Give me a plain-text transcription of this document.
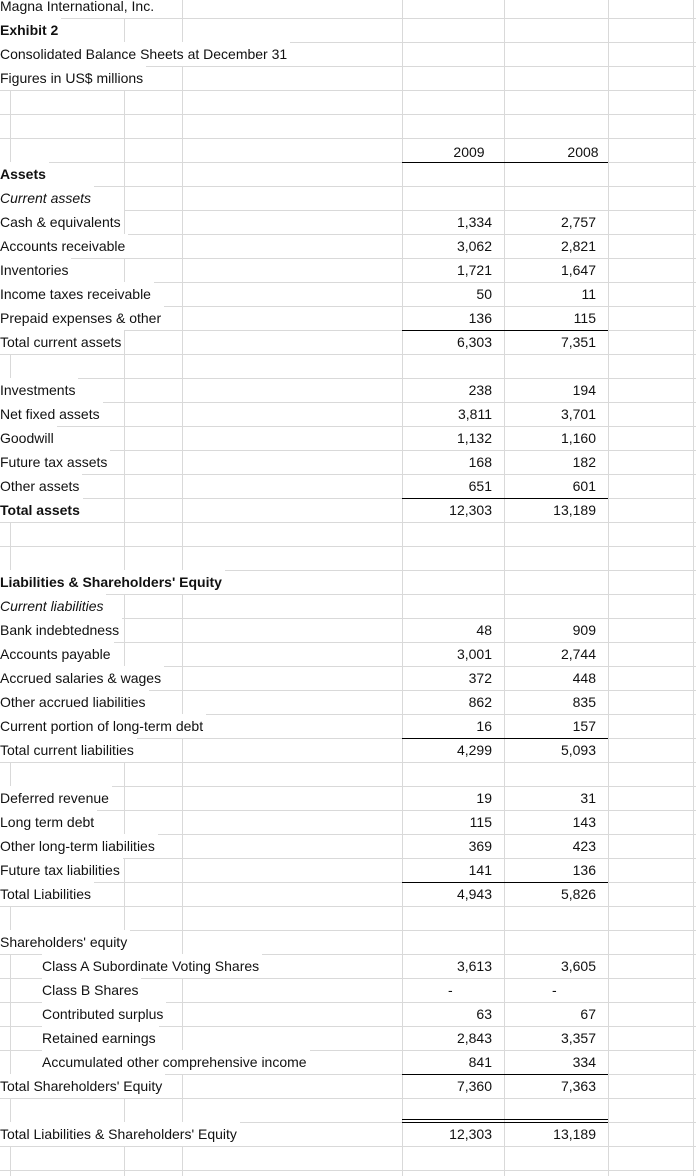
Magna International, Inc.
Exhibit 2
Consolidated Balance Sheets at December 31
Figures in US$ millions
2009	2008
Assets
Current assets
Cash & equivalents	1,334	2,757
Accounts receivable	3,062	2,821
Inventories	1,721	1,647
Income taxes receivable	50	11
Prepaid expenses & other	136	115
Total current assets	6,303	7,351
Investments	238	194
Net fixed assets	3,811	3,701
Goodwill	1,132	1,160
Future tax assets	168	182
Other assets	651	601
Total assets	12,303	13,189
Liabilities & Shareholders' Equity
Current liabilities
Bank indebtedness	48	909
Accounts payable	3,001	2,744
Accrued salaries & wages	372	448
Other accrued liabilities	862	835
Current portion of long-term debt	16	157
Total current liabilities	4,299	5,093
Deferred revenue	19	31
Long term debt	115	143
Other long-term liabilities	369	423
Future tax liabilities	141	136
Total Liabilities	4,943	5,826
Shareholders' equity
Class A Subordinate Voting Shares	3,613	3,605
Class B Shares	-	-
Contributed surplus	63	67
Retained earnings	2,843	3,357
Accumulated other comprehensive income	841	334
Total Shareholders' Equity	7,360	7,363
Total Liabilities & Shareholders' Equity	12,303	13,189
